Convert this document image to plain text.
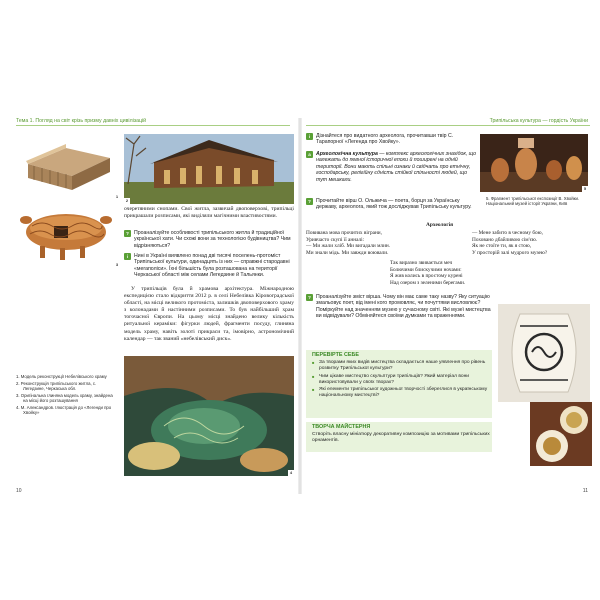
Тема 1. Погляд на світ крізь призму давніх цивілізацій
1
2
3

очеретяними снопами. Свої житла, зазвичай двоповерхові, трипільці прикрашали розписами, які виділяли магічними властивостями.

? Проаналізуйте особливості трипільського житла й традиційної української хати. Чи схожі вони за технологією будівництва? Чим відрізняються?
i	Нині в Україні виявлено понад дві тисячі поселень-протоміст Трипільської культури, одинадцять із них — справжні стародавні «мегаполіси». Їхні більшість була розташована на території Черкаської області між селами Легедзине й Тальянки.

У трипільців була й храмова архітектура. Міжнародною експедицією стало відкриття 2012 р. в селі Небелівка Кіровоградської області, на місці великого протоміста, залишків двоповерхового храму з колонадами й настінними розписами. То був найбільший храм тогочасної Європи. На цьому місці знайдено велику кількість ритуальної кераміки: фігурки людей, фрагменти посуду, глиняна модель храму, навіть золоті прикраси та, імовірно, астрономічний календар — так званий «небелівський диск».

4
1. Модель реконструкції Небелівського храму
2. Реконструкція трипільського житла, с. Легедзине, Черкаська обл.
3. Оригінальна глиняна модель храму, знайдена на місці його розташування
4. М. Александров. Ілюстрація до «Легенди про Хвойку»
10
Трипільська культура — гордість України
i	Дізнайтеся про видатного археолога, прочитавши твір С. Тарапорної «Легенда про Хвойку».
a	Археологічна культура — комплекс археологічних знахідок, що належать до певної історичної епохи й поширені на одній території. Вони мають спільні ознаки й свідчать про етнічну, господарську, релігійну єдність стійкої спільності людей, що тут мешкали.
? Прочитайте вірш О. Ольжича — поета, борця за Українську державу, археолога, який тож досліджував Трипільську культуру.
5
5. Фрагмент трипільської експозиції В. Хвойки. Національний музей історії України, Київ
Археологія
Повивана мова прочитих віграни,
Уривчасто скупі її анналі:
— Ми жали хліб. Ми вигадали млин.
Ми знали мідь. Ми завжди воювали.
— Мене забито в чесному бою,
Поховано дбайливою сім'єю.
Як не стоїте ти, як я стою,
У просторій залі мудрого музею?
Так виразно звивається меч
Болючими блискучими ночами:
Я жив колись в простому курені
Над озером з зеленими берегами.
? Проаналізуйте зміст вірша. Чому він має саме таку назву? Яку ситуацію змальовує поет, від імені кого промовляє, чи почуттями висловлює? Поміркуйте над значенням музею у сучасному світі. Які музеї мистецтва ви відвідували? Обміняйтеся своїми думками та враженнями.
ПЕРЕВІРТЕ СЕБЕ
■ За творами яких видів мистецтва складається наше уявлення про рівень розвитку Трипільської культури?
■ Чим цікаве мистецтво скульптури трипільців? Який матеріал вони використовували у своїх творах?
■ Які елементи трипільської художньої творчості збереглися в українському національному мистецтві?
ТВОРЧА МАЙСТЕРНЯ
Створіть власну мініатюру декоративну композицію за мотивами трипільських орнаментів.
11
